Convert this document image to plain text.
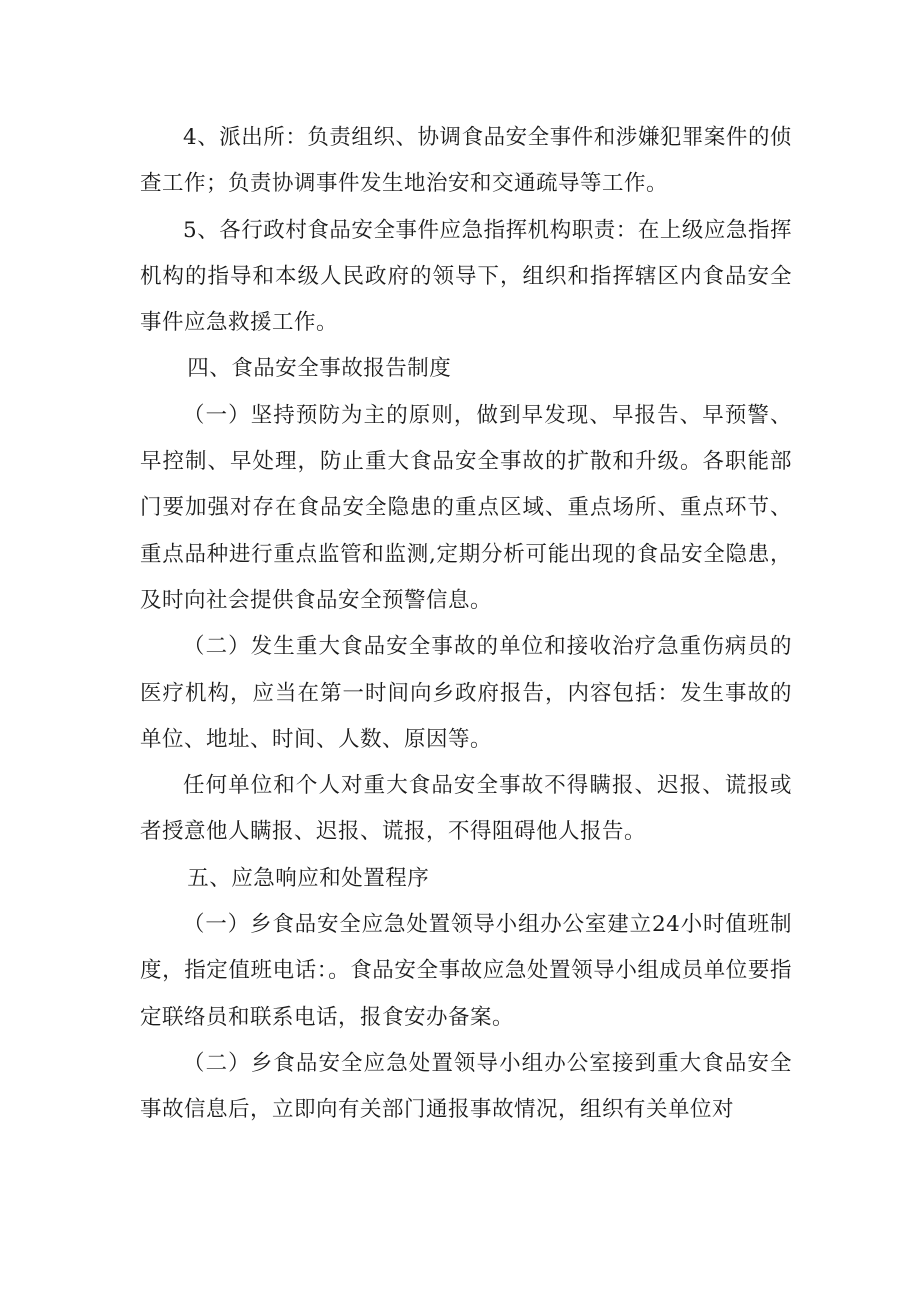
4、派出所：负责组织、协调食品安全事件和涉嫌犯罪案件的侦查工作；负责协调事件发生地治安和交通疏导等工作。

5、各行政村食品安全事件应急指挥机构职责：在上级应急指挥机构的指导和本级人民政府的领导下，组织和指挥辖区内食品安全事件应急救援工作。

四、食品安全事故报告制度

（一）坚持预防为主的原则，做到早发现、早报告、早预警、早控制、早处理，防止重大食品安全事故的扩散和升级。各职能部门要加强对存在食品安全隐患的重点区域、重点场所、重点环节、重点品种进行重点监管和监测,定期分析可能出现的食品安全隐患，及时向社会提供食品安全预警信息。

（二）发生重大食品安全事故的单位和接收治疗急重伤病员的医疗机构，应当在第一时间向乡政府报告，内容包括：发生事故的单位、地址、时间、人数、原因等。

任何单位和个人对重大食品安全事故不得瞒报、迟报、谎报或者授意他人瞒报、迟报、谎报，不得阻碍他人报告。

五、应急响应和处置程序

（一）乡食品安全应急处置领导小组办公室建立24小时值班制度，指定值班电话：。食品安全事故应急处置领导小组成员单位要指定联络员和联系电话，报食安办备案。

（二）乡食品安全应急处置领导小组办公室接到重大食品安全事故信息后，立即向有关部门通报事故情况，组织有关单位对
